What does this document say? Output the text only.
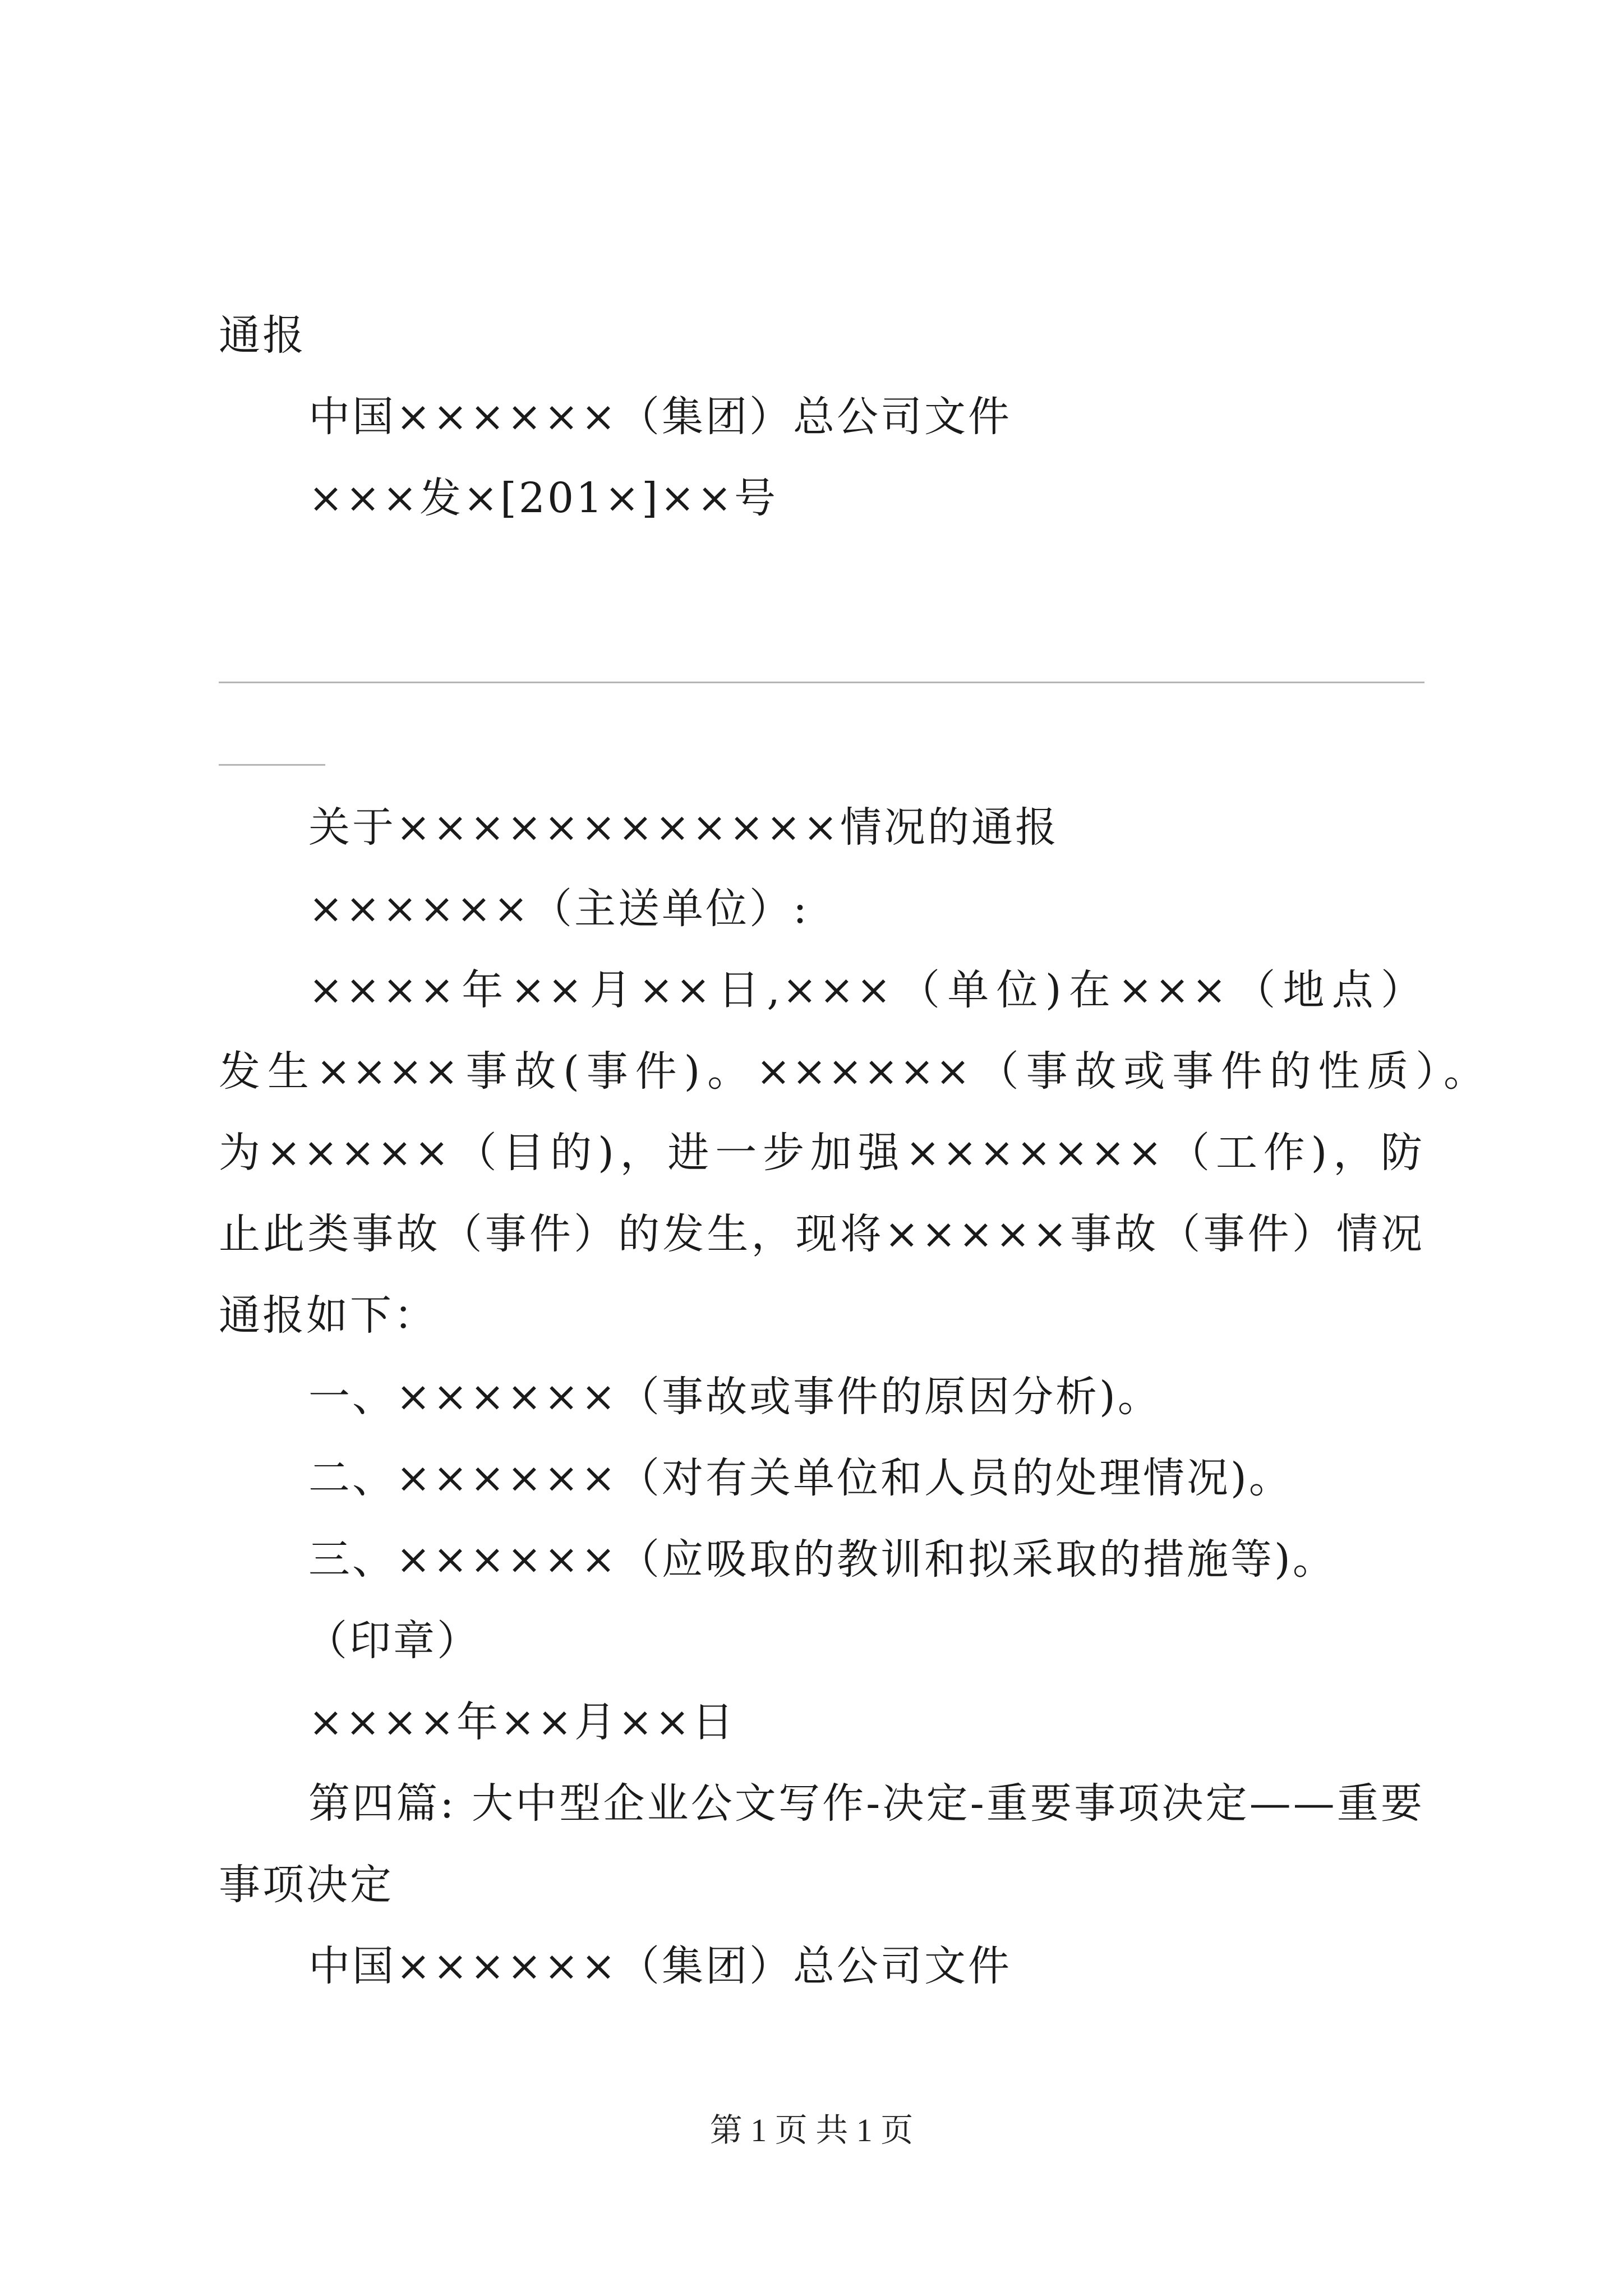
通报
中国××××××（集团）总公司文件
×××发×[201×]××号
关于××××××××××××情况的通报
××××××（主送单位）:
××××年××月××日,×××（单位)在×××（地点）
发生××××事故(事件)。××××××（事故或事件的性质）。
为×××××（目的)，进一步加强×××××××（工作)，防
止此类事故（事件）的发生，现将×××××事故（事件）情况
通报如下：
一、××××××（事故或事件的原因分析)。
二、××××××（对有关单位和人员的处理情况)。
三、××××××（应吸取的教训和拟采取的措施等)。
（印章）
××××年××月××日
第四篇: 大中型企业公文写作-决定-重要事项决定——重要
事项决定
中国××××××（集团）总公司文件
第 1 页 共 1 页
